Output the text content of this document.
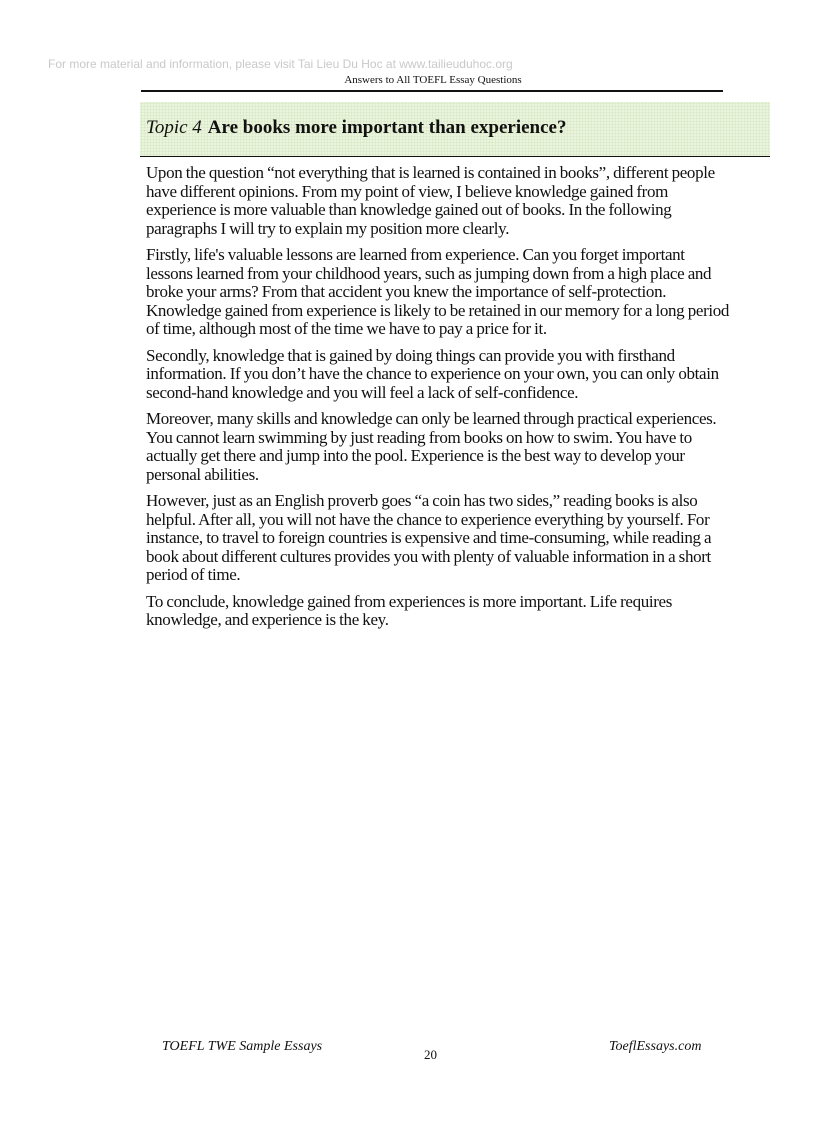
For more material and information, please visit Tai Lieu Du Hoc at www.tailieuduhoc.org
Answers to All TOEFL Essay Questions
Topic 4 Are books more important than experience?

Upon the question “not everything that is learned is contained in books”, different people have different opinions. From my point of view, I believe knowledge gained from experience is more valuable than knowledge gained out of books. In the following paragraphs I will try to explain my position more clearly.

Firstly, life's valuable lessons are learned from experience. Can you forget important lessons learned from your childhood years, such as jumping down from a high place and broke your arms? From that accident you knew the importance of self-protection. Knowledge gained from experience is likely to be retained in our memory for a long period of time, although most of the time we have to pay a price for it.

Secondly, knowledge that is gained by doing things can provide you with firsthand information. If you don’t have the chance to experience on your own, you can only obtain second-hand knowledge and you will feel a lack of self-confidence.

Moreover, many skills and knowledge can only be learned through practical experiences. You cannot learn swimming by just reading from books on how to swim. You have to actually get there and jump into the pool. Experience is the best way to develop your personal abilities.

However, just as an English proverb goes “a coin has two sides,” reading books is also helpful. After all, you will not have the chance to experience everything by yourself. For instance, to travel to foreign countries is expensive and time-consuming, while reading a book about different cultures provides you with plenty of valuable information in a short period of time.

To conclude, knowledge gained from experiences is more important. Life requires knowledge, and experience is the key.

TOEFL TWE Sample Essays
20
ToeflEssays.com
